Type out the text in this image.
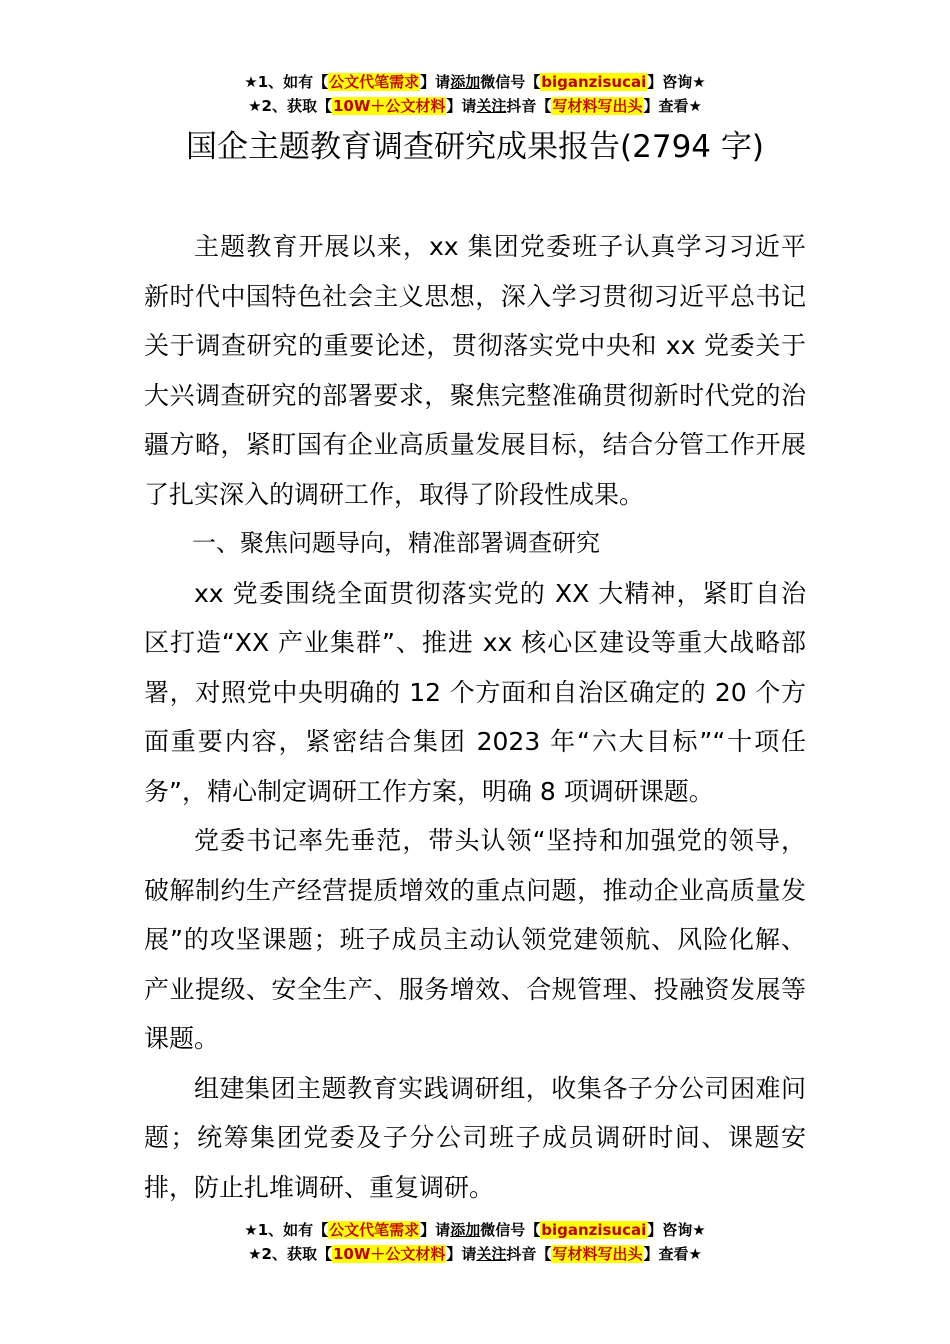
★1、如有【公文代笔需求】请添加微信号【biganzisucai】咨询★
★2、获取【10W＋公文材料】请关注抖音【写材料写出头】查看★
国企主题教育调查研究成果报告(2794 字)

主题教育开展以来，xx 集团党委班子认真学习习近平新时代中国特色社会主义思想，深入学习贯彻习近平总书记关于调查研究的重要论述，贯彻落实党中央和 xx 党委关于大兴调查研究的部署要求，聚焦完整准确贯彻新时代党的治疆方略，紧盯国有企业高质量发展目标，结合分管工作开展了扎实深入的调研工作，取得了阶段性成果。

一、聚焦问题导向，精准部署调查研究

xx 党委围绕全面贯彻落实党的 XX 大精神，紧盯自治区打造“XX 产业集群”、推进 xx 核心区建设等重大战略部署，对照党中央明确的 12 个方面和自治区确定的 20 个方面重要内容，紧密结合集团 2023 年“六大目标”“十项任务”，精心制定调研工作方案，明确 8 项调研课题。

党委书记率先垂范，带头认领“坚持和加强党的领导，破解制约生产经营提质增效的重点问题，推动企业高质量发展”的攻坚课题；班子成员主动认领党建领航、风险化解、产业提级、安全生产、服务增效、合规管理、投融资发展等课题。

组建集团主题教育实践调研组，收集各子分公司困难问题；统筹集团党委及子分公司班子成员调研时间、课题安排，防止扎堆调研、重复调研。

★1、如有【公文代笔需求】请添加微信号【biganzisucai】咨询★
★2、获取【10W＋公文材料】请关注抖音【写材料写出头】查看★
